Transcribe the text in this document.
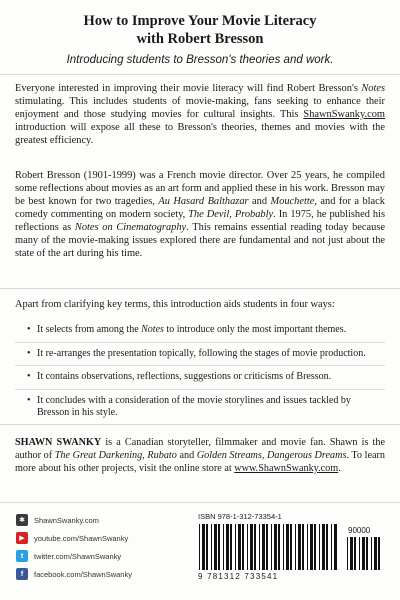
How to Improve Your Movie Literacy
with Robert Bresson
Introducing students to Bresson's theories and work.
Everyone interested in improving their movie literacy will find Robert Bresson's Notes stimulating. This includes students of movie-making, fans seeking to enhance their enjoyment and those studying movies for cultural insights. This ShawnSwanky.com introduction will expose all these to Bresson's theories, themes and movies with the greatest efficiency.
Robert Bresson (1901-1999) was a French movie director. Over 25 years, he compiled some reflections about movies as an art form and applied these in his work. Bresson may be best known for two tragedies, Au Hasard Balthazar and Mouchette, and for a black comedy commenting on modern society, The Devil, Probably. In 1975, he published his reflections as Notes on Cinematography. This remains essential reading today because many of the movie-making issues explored there are fundamental and not just about the state of the art during his time.
Apart from clarifying key terms, this introduction aids students in four ways:
• It selects from among the Notes to introduce only the most important themes.
• It re-arranges the presentation topically, following the stages of movie production.
• It contains observations, reflections, suggestions or criticisms of Bresson.
• It concludes with a consideration of the movie storylines and issues tackled by Bresson in his style.
SHAWN SWANKY is a Canadian storyteller, filmmaker and movie fan. Shawn is the author of The Great Darkening, Rubato and Golden Streams, Dangerous Dreams. To learn more about his other projects, visit the online store at www.ShawnSwanky.com.
✱	ShawnSwanky.com
▶	youtube.com/ShawnSwanky
t	twitter.com/ShawnSwanky
f	facebook.com/ShawnSwanky
ISBN 978-1-312-73354-1
90000
9 781312 733541
